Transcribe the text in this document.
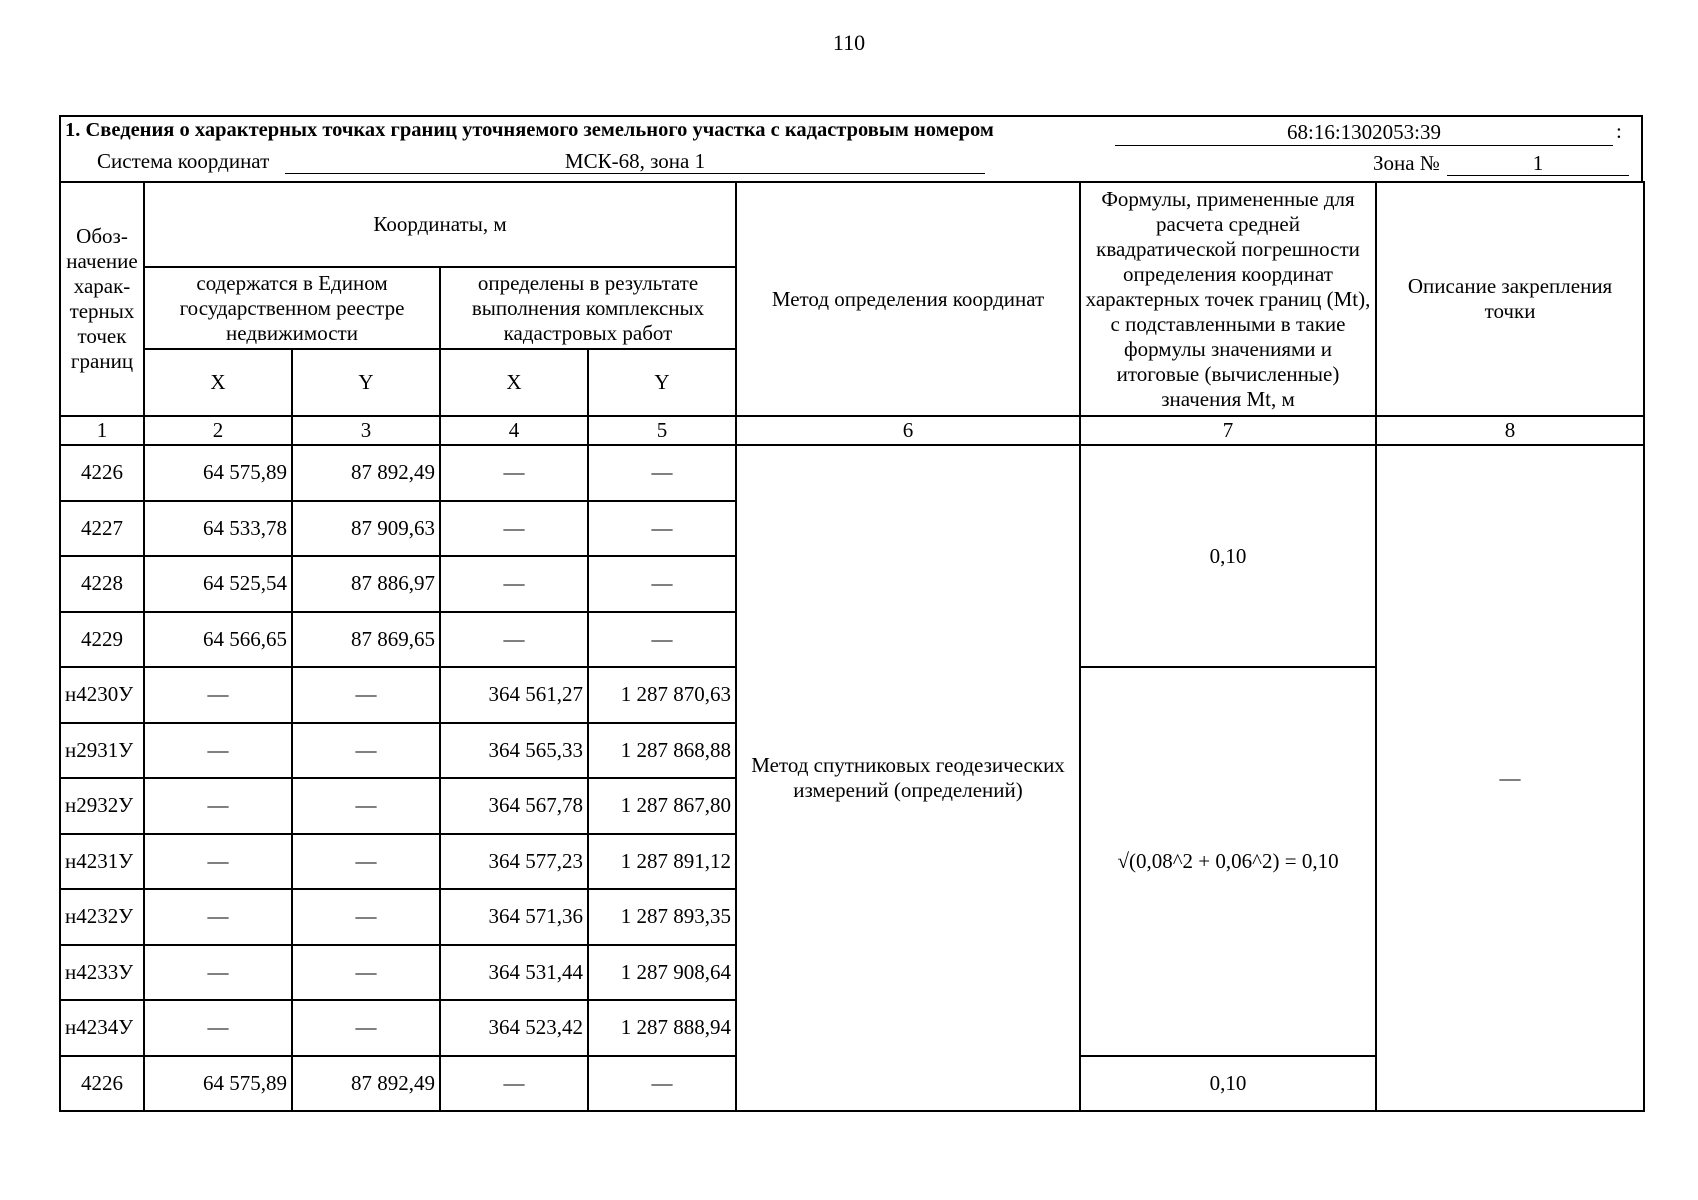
110
1. Сведения о характерных точках границ уточняемого земельного участка с кадастровым номером	68:16:1302053:39	:
Система координат	МСК-68, зона 1	Зона №	1
Обоз-начение харак-терных точек границ	Координаты, м				Метод определения координат	Формулы, примененные для расчета средней квадратической погрешности определения координат характерных точек границ (Mt), с подставленными в такие формулы значениями и итоговые (вычисленные) значения Mt, м	Описание закрепления точки
	содержатся в Едином государственном реестре недвижимости		определены в результате выполнения комплексных кадастровых работ				
	X	Y	X	Y			
1	2	3	4	5	6	7	8
4226	64 575,89	87 892,49	—	—	Метод спутниковых геодезических измерений (определений)	0,10	—
4227	64 533,78	87 909,63	—	—			
4228	64 525,54	87 886,97	—	—			
4229	64 566,65	87 869,65	—	—			
н4230У	—	—	364 561,27	1 287 870,63		√(0,08^2 + 0,06^2) = 0,10	
н2931У	—	—	364 565,33	1 287 868,88			
н2932У	—	—	364 567,78	1 287 867,80			
н4231У	—	—	364 577,23	1 287 891,12			
н4232У	—	—	364 571,36	1 287 893,35			
н4233У	—	—	364 531,44	1 287 908,64			
н4234У	—	—	364 523,42	1 287 888,94			
4226	64 575,89	87 892,49	—	—		0,10	
